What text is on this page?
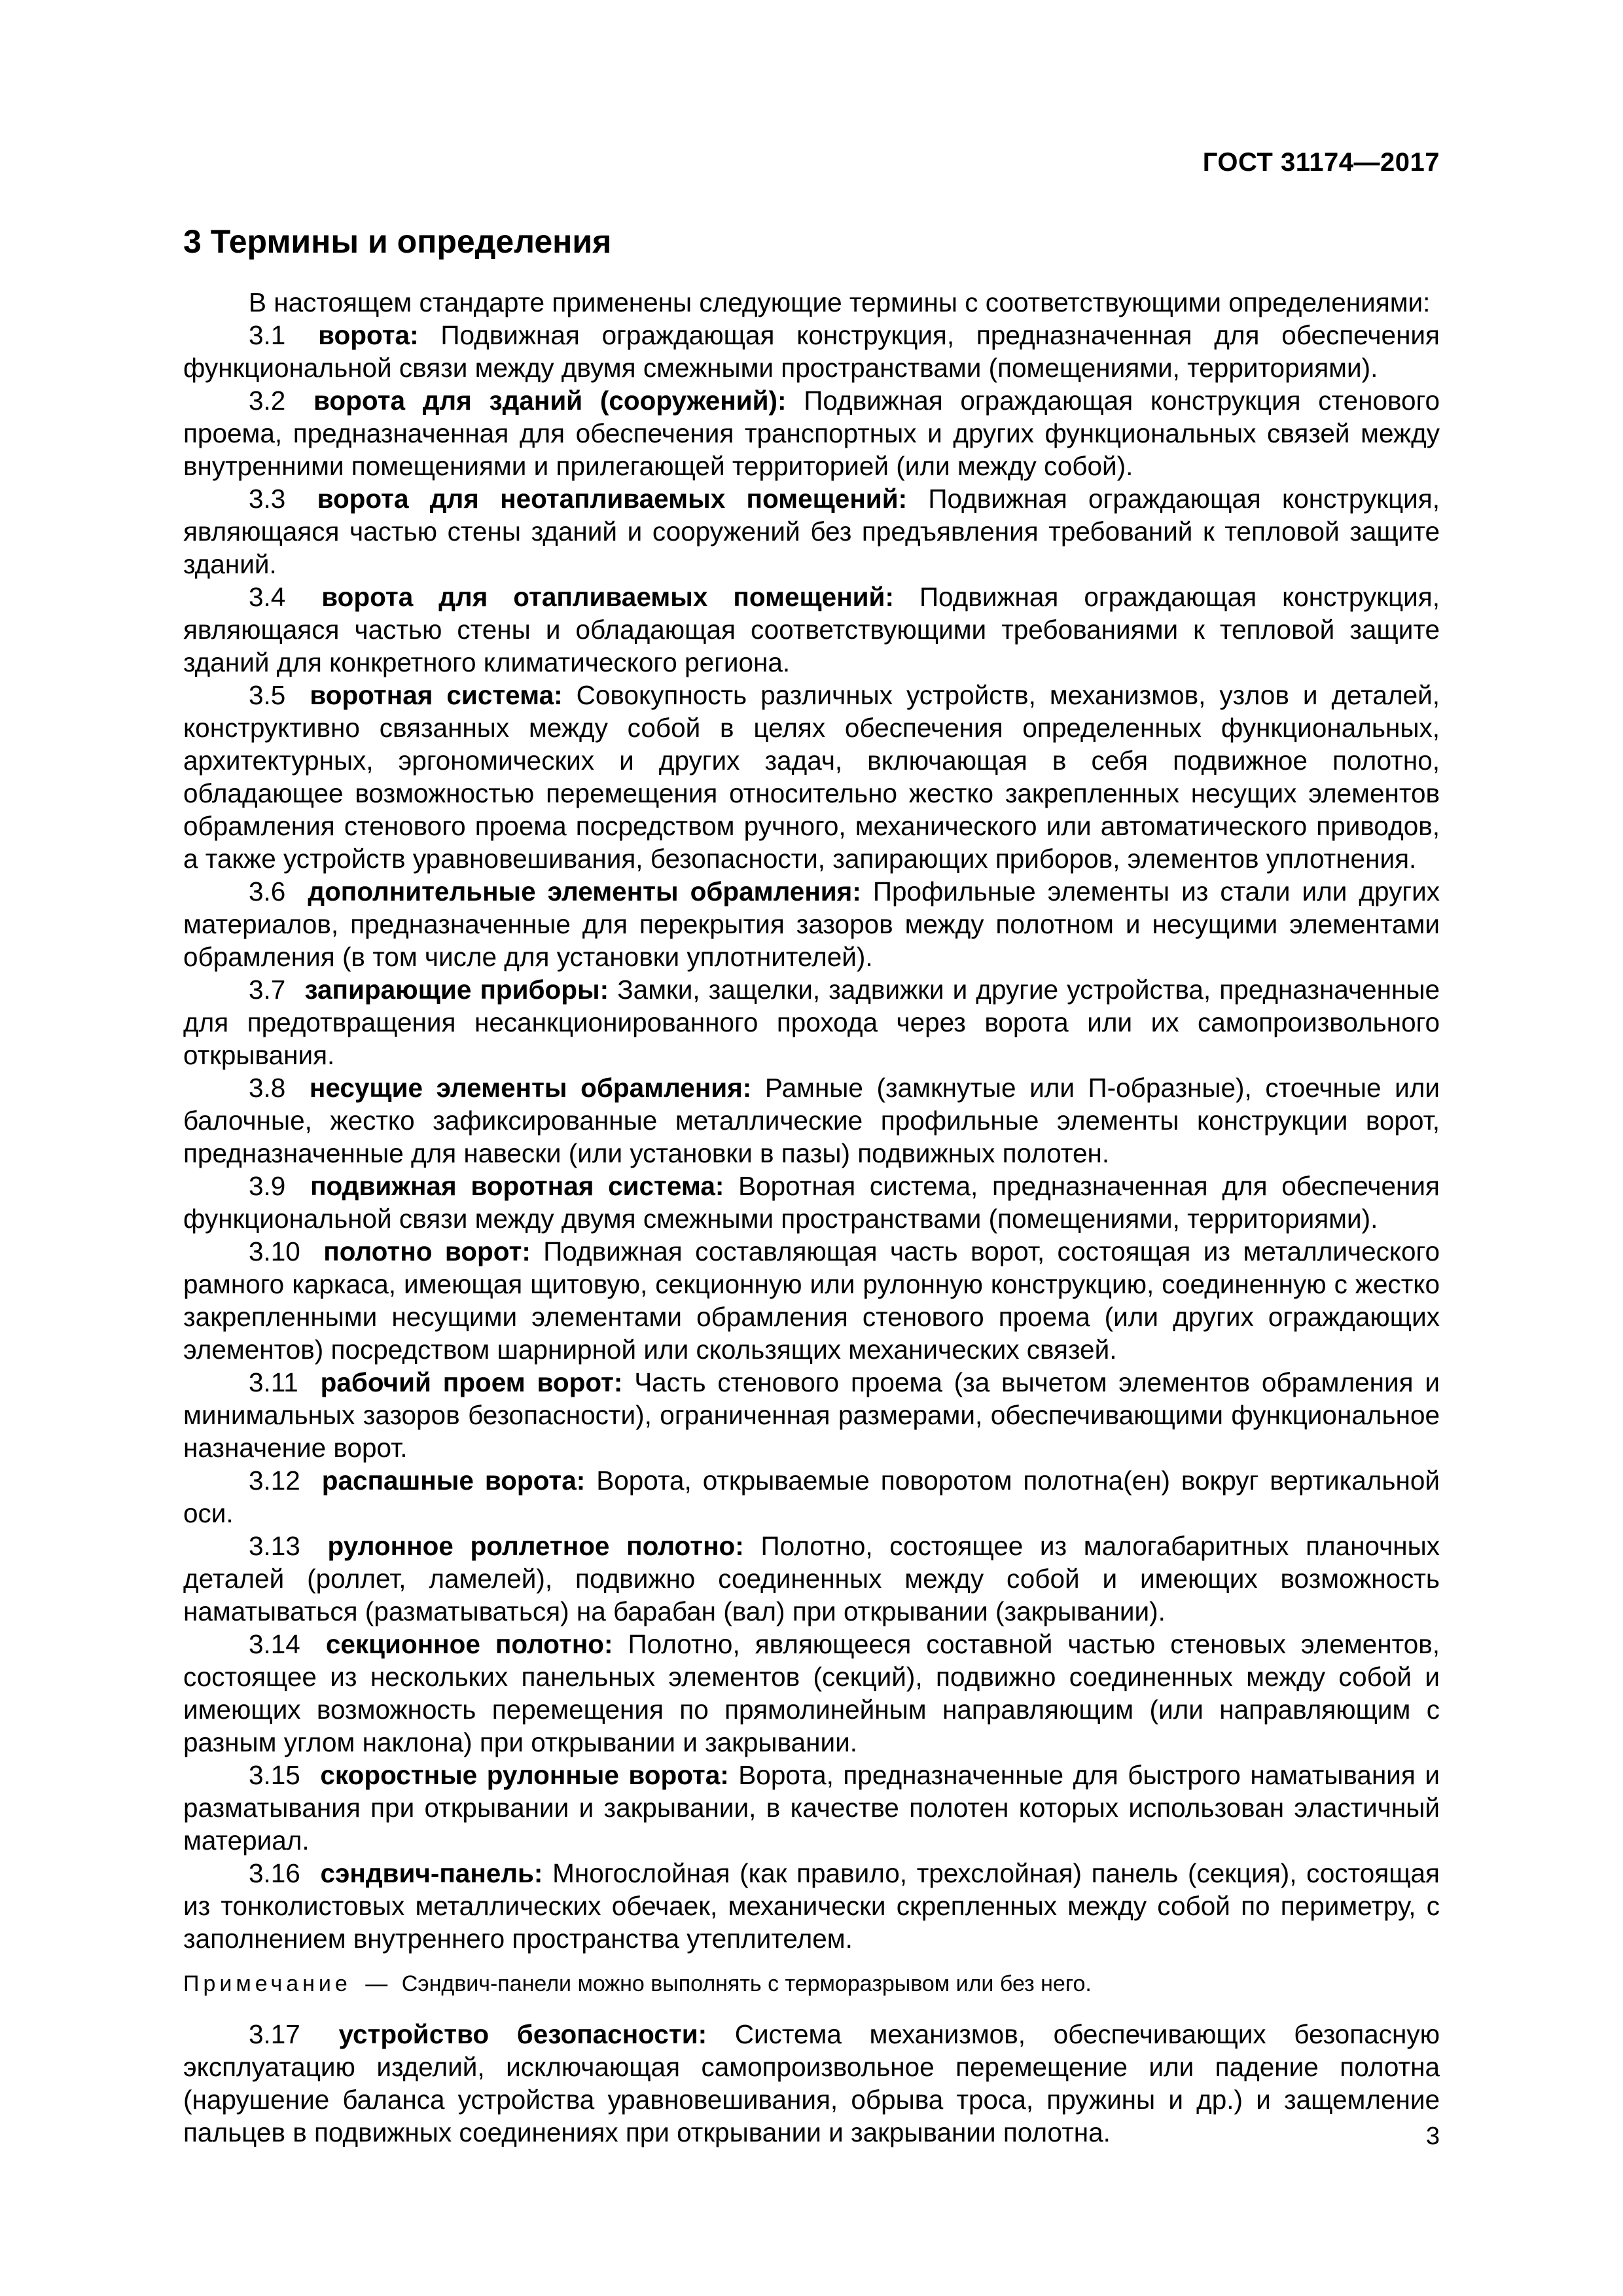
ГОСТ 31174—2017
3 Термины и определения

В настоящем стандарте применены следующие термины с соответствующими определениями:

3.1 ворота: Подвижная ограждающая конструкция, предназначенная для обеспечения функциональной связи между двумя смежными пространствами (помещениями, территориями).

3.2 ворота для зданий (сооружений): Подвижная ограждающая конструкция стенового проема, предназначенная для обеспечения транспортных и других функциональных связей между внутренними помещениями и прилегающей территорией (или между собой).

3.3 ворота для неотапливаемых помещений: Подвижная ограждающая конструкция, являющаяся частью стены зданий и сооружений без предъявления требований к тепловой защите зданий.

3.4 ворота для отапливаемых помещений: Подвижная ограждающая конструкция, являющаяся частью стены и обладающая соответствующими требованиями к тепловой защите зданий для конкретного климатического региона.

3.5 воротная система: Совокупность различных устройств, механизмов, узлов и деталей, конструктивно связанных между собой в целях обеспечения определенных функциональных, архитектурных, эргономических и других задач, включающая в себя подвижное полотно, обладающее возможностью перемещения относительно жестко закрепленных несущих элементов обрамления стенового проема посредством ручного, механического или автоматического приводов, а также устройств уравновешивания, безопасности, запирающих приборов, элементов уплотнения.

3.6 дополнительные элементы обрамления: Профильные элементы из стали или других материалов, предназначенные для перекрытия зазоров между полотном и несущими элементами обрамления (в том числе для установки уплотнителей).

3.7 запирающие приборы: Замки, защелки, задвижки и другие устройства, предназначенные для предотвращения несанкционированного прохода через ворота или их самопроизвольного открывания.

3.8 несущие элементы обрамления: Рамные (замкнутые или П-образные), стоечные или балочные, жестко зафиксированные металлические профильные элементы конструкции ворот, предназначенные для навески (или установки в пазы) подвижных полотен.

3.9 подвижная воротная система: Воротная система, предназначенная для обеспечения функциональной связи между двумя смежными пространствами (помещениями, территориями).

3.10 полотно ворот: Подвижная составляющая часть ворот, состоящая из металлического рамного каркаса, имеющая щитовую, секционную или рулонную конструкцию, соединенную с жестко закрепленными несущими элементами обрамления стенового проема (или других ограждающих элементов) посредством шарнирной или скользящих механических связей.

3.11 рабочий проем ворот: Часть стенового проема (за вычетом элементов обрамления и минимальных зазоров безопасности), ограниченная размерами, обеспечивающими функциональное назначение ворот.

3.12 распашные ворота: Ворота, открываемые поворотом полотна(ен) вокруг вертикальной оси.

3.13 рулонное роллетное полотно: Полотно, состоящее из малогабаритных планочных деталей (роллет, ламелей), подвижно соединенных между собой и имеющих возможность наматываться (разматываться) на барабан (вал) при открывании (закрывании).

3.14 секционное полотно: Полотно, являющееся составной частью стеновых элементов, состоящее из нескольких панельных элементов (секций), подвижно соединенных между собой и имеющих возможность перемещения по прямолинейным направляющим (или направляющим с разным углом наклона) при открывании и закрывании.

3.15 скоростные рулонные ворота: Ворота, предназначенные для быстрого наматывания и разматывания при открывании и закрывании, в качестве полотен которых использован эластичный материал.

3.16 сэндвич-панель: Многослойная (как правило, трехслойная) панель (секция), состоящая из тонколистовых металлических обечаек, механически скрепленных между собой по периметру, с заполнением внутреннего пространства утеплителем.

Примечание — Сэндвич-панели можно выполнять с терморазрывом или без него.

3.17 устройство безопасности: Система механизмов, обеспечивающих безопасную эксплуатацию изделий, исключающая самопроизвольное перемещение или падение полотна (нарушение баланса устройства уравновешивания, обрыва троса, пружины и др.) и защемление пальцев в подвижных соединениях при открывании и закрывании полотна.	3
